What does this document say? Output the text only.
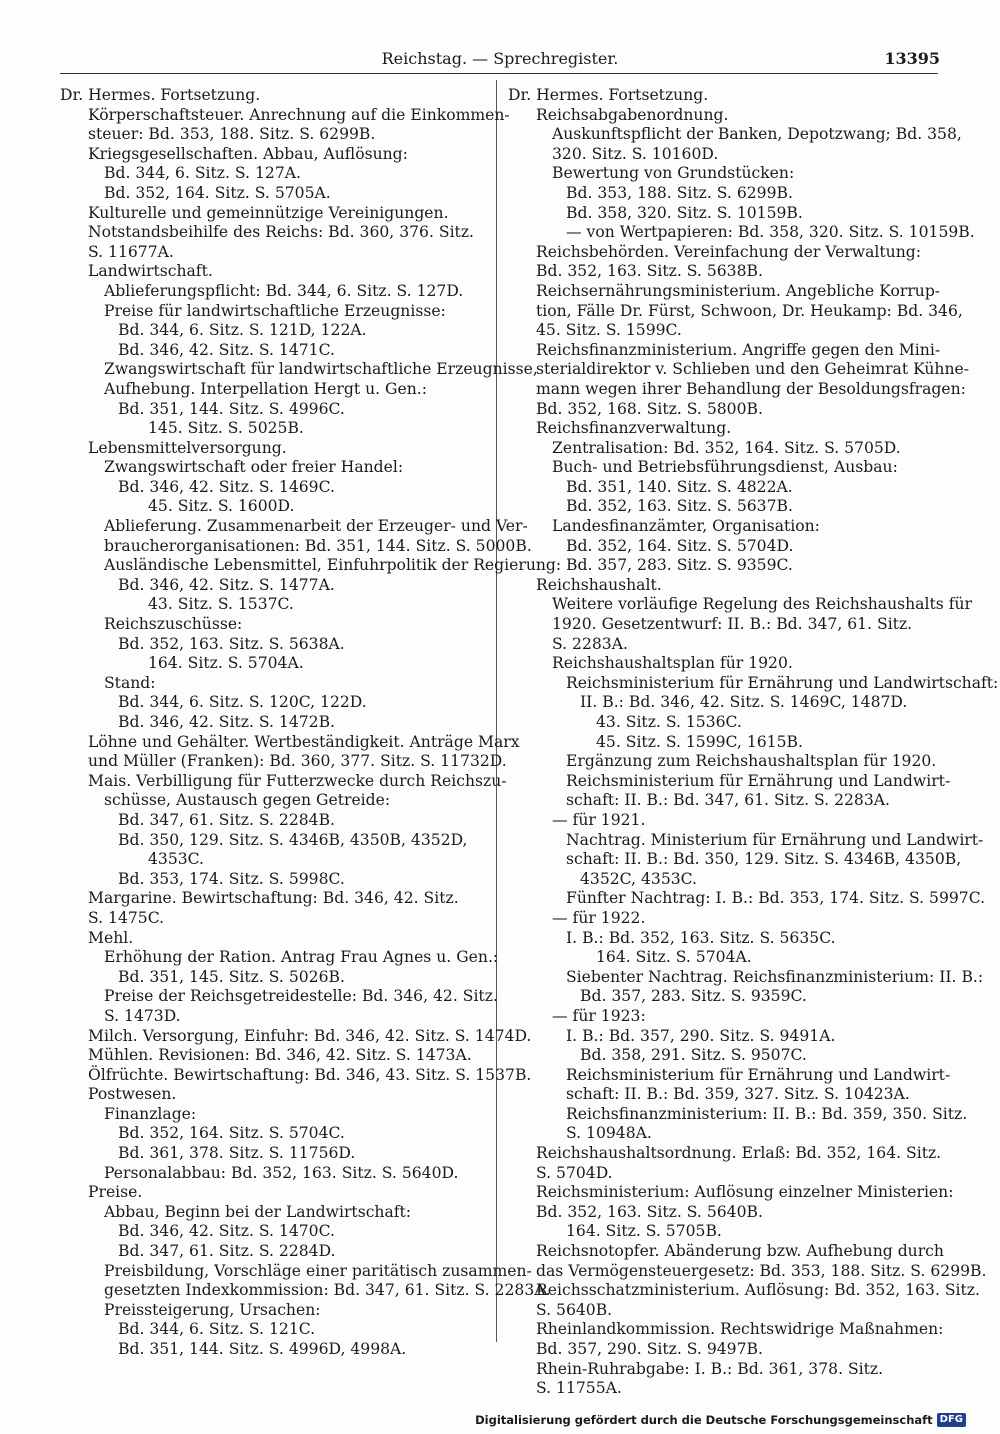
Reichstag. — Sprechregister.	13395
Dr. Hermes. Fortsetzung.
Körperschaftsteuer. Anrechnung auf die Einkommen-
steuer: Bd. 353, 188. Sitz. S. 6299B.
Kriegsgesellschaften. Abbau, Auflösung:
Bd. 344, 6. Sitz. S. 127A.
Bd. 352, 164. Sitz. S. 5705A.
Kulturelle und gemeinnützige Vereinigungen.
Notstandsbeihilfe des Reichs: Bd. 360, 376. Sitz.
S. 11677A.
Landwirtschaft.
Ablieferungspflicht: Bd. 344, 6. Sitz. S. 127D.
Preise für landwirtschaftliche Erzeugnisse:
Bd. 344, 6. Sitz. S. 121D, 122A.
Bd. 346, 42. Sitz. S. 1471C.
Zwangswirtschaft für landwirtschaftliche Erzeugnisse,
Aufhebung. Interpellation Hergt u. Gen.:
Bd. 351, 144. Sitz. S. 4996C.
145. Sitz. S. 5025B.
Lebensmittelversorgung.
Zwangswirtschaft oder freier Handel:
Bd. 346, 42. Sitz. S. 1469C.
45. Sitz. S. 1600D.
Ablieferung. Zusammenarbeit der Erzeuger- und Ver-
braucherorganisationen: Bd. 351, 144. Sitz. S. 5000B.
Ausländische Lebensmittel, Einfuhrpolitik der Regierung:
Bd. 346, 42. Sitz. S. 1477A.
43. Sitz. S. 1537C.
Reichszuschüsse:
Bd. 352, 163. Sitz. S. 5638A.
164. Sitz. S. 5704A.
Stand:
Bd. 344, 6. Sitz. S. 120C, 122D.
Bd. 346, 42. Sitz. S. 1472B.
Löhne und Gehälter. Wertbeständigkeit. Anträge Marx
und Müller (Franken): Bd. 360, 377. Sitz. S. 11732D.
Mais. Verbilligung für Futterzwecke durch Reichszu-
schüsse, Austausch gegen Getreide:
Bd. 347, 61. Sitz. S. 2284B.
Bd. 350, 129. Sitz. S. 4346B, 4350B, 4352D,
4353C.
Bd. 353, 174. Sitz. S. 5998C.
Margarine. Bewirtschaftung: Bd. 346, 42. Sitz.
S. 1475C.
Mehl.
Erhöhung der Ration. Antrag Frau Agnes u. Gen.:
Bd. 351, 145. Sitz. S. 5026B.
Preise der Reichsgetreidestelle: Bd. 346, 42. Sitz.
S. 1473D.
Milch. Versorgung, Einfuhr: Bd. 346, 42. Sitz. S. 1474D.
Mühlen. Revisionen: Bd. 346, 42. Sitz. S. 1473A.
Ölfrüchte. Bewirtschaftung: Bd. 346, 43. Sitz. S. 1537B.
Postwesen.
Finanzlage:
Bd. 352, 164. Sitz. S. 5704C.
Bd. 361, 378. Sitz. S. 11756D.
Personalabbau: Bd. 352, 163. Sitz. S. 5640D.
Preise.
Abbau, Beginn bei der Landwirtschaft:
Bd. 346, 42. Sitz. S. 1470C.
Bd. 347, 61. Sitz. S. 2284D.
Preisbildung, Vorschläge einer paritätisch zusammen-
gesetzten Indexkommission: Bd. 347, 61. Sitz. S. 2283A.
Preissteigerung, Ursachen:
Bd. 344, 6. Sitz. S. 121C.
Bd. 351, 144. Sitz. S. 4996D, 4998A.
Dr. Hermes. Fortsetzung.
Reichsabgabenordnung.
Auskunftspflicht der Banken, Depotzwang; Bd. 358,
320. Sitz. S. 10160D.
Bewertung von Grundstücken:
Bd. 353, 188. Sitz. S. 6299B.
Bd. 358, 320. Sitz. S. 10159B.
— von Wertpapieren: Bd. 358, 320. Sitz. S. 10159B.
Reichsbehörden. Vereinfachung der Verwaltung:
Bd. 352, 163. Sitz. S. 5638B.
Reichsernährungsministerium. Angebliche Korrup-
tion, Fälle Dr. Fürst, Schwoon, Dr. Heukamp: Bd. 346,
45. Sitz. S. 1599C.
Reichsfinanzministerium. Angriffe gegen den Mini-
sterialdirektor v. Schlieben und den Geheimrat Kühne-
mann wegen ihrer Behandlung der Besoldungsfragen:
Bd. 352, 168. Sitz. S. 5800B.
Reichsfinanzverwaltung.
Zentralisation: Bd. 352, 164. Sitz. S. 5705D.
Buch- und Betriebsführungsdienst, Ausbau:
Bd. 351, 140. Sitz. S. 4822A.
Bd. 352, 163. Sitz. S. 5637B.
Landesfinanzämter, Organisation:
Bd. 352, 164. Sitz. S. 5704D.
Bd. 357, 283. Sitz. S. 9359C.
Reichshaushalt.
Weitere vorläufige Regelung des Reichshaushalts für
1920. Gesetzentwurf: II. B.: Bd. 347, 61. Sitz.
S. 2283A.
Reichshaushaltsplan für 1920.
Reichsministerium für Ernährung und Landwirtschaft:
II. B.: Bd. 346, 42. Sitz. S. 1469C, 1487D.
43. Sitz. S. 1536C.
45. Sitz. S. 1599C, 1615B.
Ergänzung zum Reichshaushaltsplan für 1920.
Reichsministerium für Ernährung und Landwirt-
schaft: II. B.: Bd. 347, 61. Sitz. S. 2283A.
— für 1921.
Nachtrag. Ministerium für Ernährung und Landwirt-
schaft: II. B.: Bd. 350, 129. Sitz. S. 4346B, 4350B,
4352C, 4353C.
Fünfter Nachtrag: I. B.: Bd. 353, 174. Sitz. S. 5997C.
— für 1922.
I. B.: Bd. 352, 163. Sitz. S. 5635C.
164. Sitz. S. 5704A.
Siebenter Nachtrag. Reichsfinanzministerium: II. B.:
Bd. 357, 283. Sitz. S. 9359C.
— für 1923:
I. B.: Bd. 357, 290. Sitz. S. 9491A.
Bd. 358, 291. Sitz. S. 9507C.
Reichsministerium für Ernährung und Landwirt-
schaft: II. B.: Bd. 359, 327. Sitz. S. 10423A.
Reichsfinanzministerium: II. B.: Bd. 359, 350. Sitz.
S. 10948A.
Reichshaushaltsordnung. Erlaß: Bd. 352, 164. Sitz.
S. 5704D.
Reichsministerium: Auflösung einzelner Ministerien:
Bd. 352, 163. Sitz. S. 5640B.
164. Sitz. S. 5705B.
Reichsnotopfer. Abänderung bzw. Aufhebung durch
das Vermögensteuergesetz: Bd. 353, 188. Sitz. S. 6299B.
Reichsschatzministerium. Auflösung: Bd. 352, 163. Sitz.
S. 5640B.
Rheinlandkommission. Rechtswidrige Maßnahmen:
Bd. 357, 290. Sitz. S. 9497B.
Rhein-Ruhrabgabe: I. B.: Bd. 361, 378. Sitz.
S. 11755A.
Digitalisierung gefördert durch die Deutsche Forschungsgemeinschaft DFG
